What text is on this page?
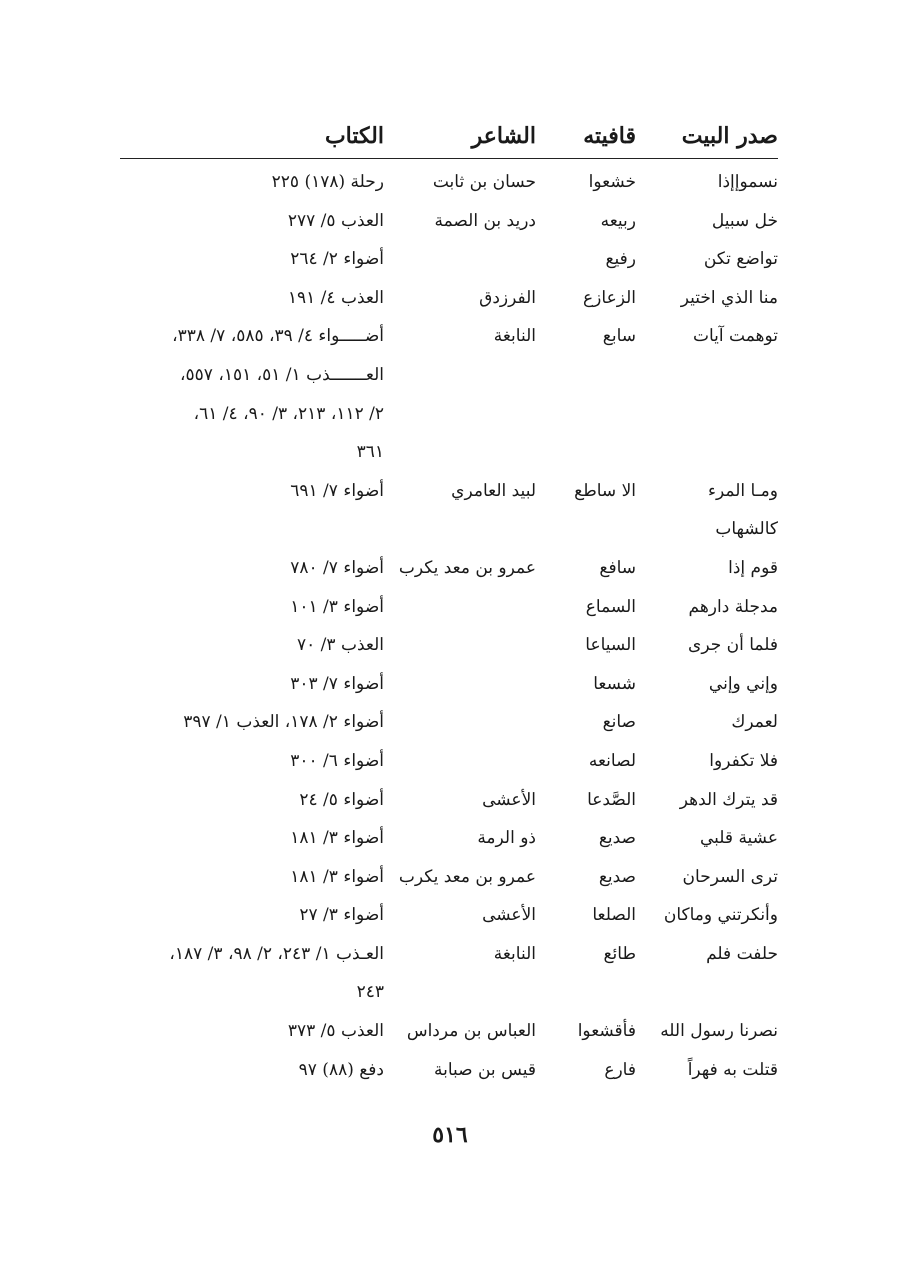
صدر البيت
قافيته
الشاعر
الكتاب
نسموإإذا
خشعوا
حسان بن ثابت
رحلة (١٧٨) ٢٢٥
خل سبيل
ربيعه
دريد بن الصمة
العذب ٥/ ٢٧٧
تواضع تكن
رفيع
أضواء ٢/ ٢٦٤
منا الذي اختير
الزعازع
الفرزدق
العذب ٤/ ١٩١
توهمت آيات
سابع
النابغة
أضـــــواء ٤/ ٣٩، ٥٨٥، ٧/ ٣٣٨،
العـــــــذب ١/ ٥١، ١٥١، ٥٥٧،
٢/ ١١٢، ٢١٣، ٣/ ٩٠، ٤/ ٦١،
٣٦١
ومـا المرء
الا ساطع
لبيد العامري
أضواء ٧/ ٦٩١
كالشهاب
قوم إذا
سافع
عمرو بن معد يكرب
أضواء ٧/ ٧٨٠
مدجلة دارهم
السماع
أضواء ٣/ ١٠١
فلما أن جرى
السياعا
العذب ٣/ ٧٠
وإني وإني
شسعا
أضواء ٧/ ٣٠٣
لعمرك
صانع
أضواء ٢/ ١٧٨، العذب ١/ ٣٩٧
فلا تكفروا
لصانعه
أضواء ٦/ ٣٠٠
قد يترك الدهر
الصَّدعا
الأعشى
أضواء ٥/ ٢٤
عشية قلبي
صديع
ذو الرمة
أضواء ٣/ ١٨١
ترى السرحان
صديع
عمرو بن معد يكرب
أضواء ٣/ ١٨١
وأنكرتني وماكان
الصلعا
الأعشى
أضواء ٣/ ٢٧
حلفت فلم
طائع
النابغة
العـذب ١/ ٢٤٣، ٢/ ٩٨، ٣/ ١٨٧،
٢٤٣
نصرنا رسول الله
فأقشعوا
العباس بن مرداس
العذب ٥/ ٣٧٣
قتلت به فهراً
فارع
قيس بن صبابة
دفع (٨٨) ٩٧
٥١٦
